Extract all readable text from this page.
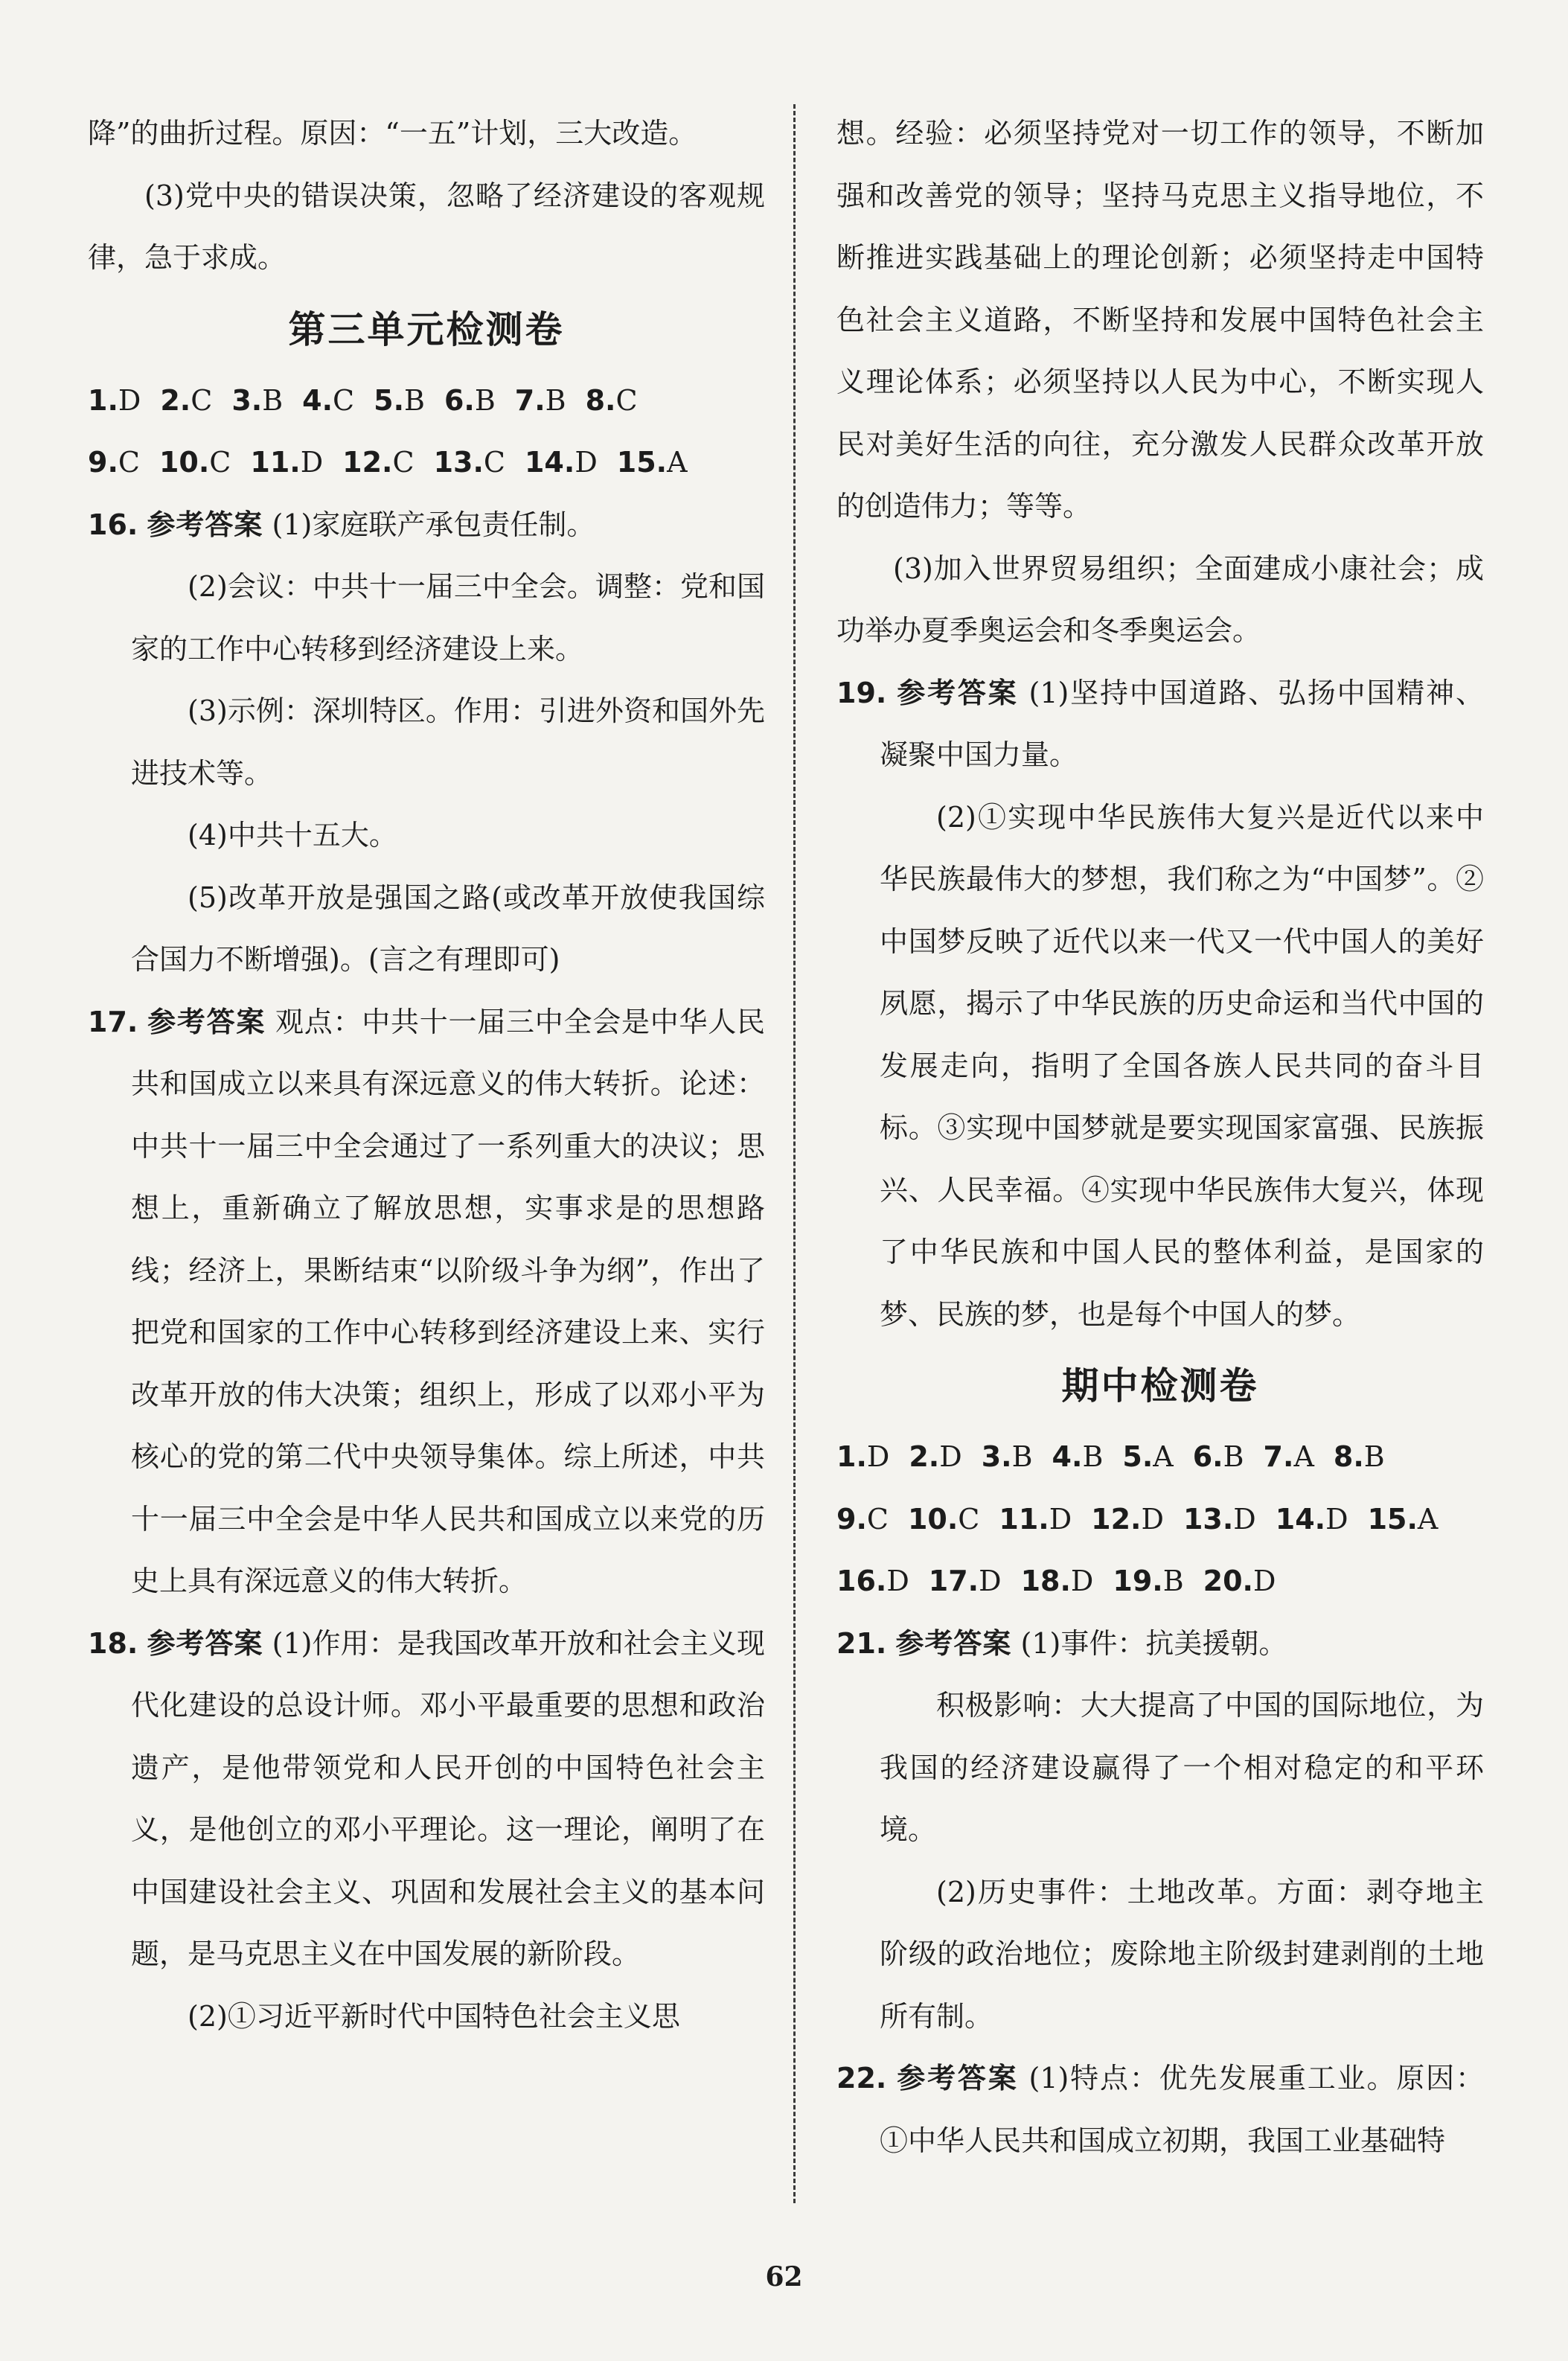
降”的曲折过程。原因：“一五”计划，三大改造。

(3)党中央的错误决策，忽略了经济建设的客观规律，急于求成。

第三单元检测卷
1.D 2.C 3.B 4.C 5.B 6.B 7.B 8.C
9.C 10.C 11.D 12.C 13.C 14.D 15.A

16. 参考答案 (1)家庭联产承包责任制。

(2)会议：中共十一届三中全会。调整：党和国家的工作中心转移到经济建设上来。

(3)示例：深圳特区。作用：引进外资和国外先进技术等。

(4)中共十五大。

(5)改革开放是强国之路(或改革开放使我国综合国力不断增强)。(言之有理即可)

17. 参考答案 观点：中共十一届三中全会是中华人民共和国成立以来具有深远意义的伟大转折。论述：中共十一届三中全会通过了一系列重大的决议；思想上，重新确立了解放思想，实事求是的思想路线；经济上，果断结束“以阶级斗争为纲”，作出了把党和国家的工作中心转移到经济建设上来、实行改革开放的伟大决策；组织上，形成了以邓小平为核心的党的第二代中央领导集体。综上所述，中共十一届三中全会是中华人民共和国成立以来党的历史上具有深远意义的伟大转折。

18. 参考答案 (1)作用：是我国改革开放和社会主义现代化建设的总设计师。邓小平最重要的思想和政治遗产，是他带领党和人民开创的中国特色社会主义，是他创立的邓小平理论。这一理论，阐明了在中国建设社会主义、巩固和发展社会主义的基本问题，是马克思主义在中国发展的新阶段。

(2)①习近平新时代中国特色社会主义思

想。经验：必须坚持党对一切工作的领导，不断加强和改善党的领导；坚持马克思主义指导地位，不断推进实践基础上的理论创新；必须坚持走中国特色社会主义道路，不断坚持和发展中国特色社会主义理论体系；必须坚持以人民为中心，不断实现人民对美好生活的向往，充分激发人民群众改革开放的创造伟力；等等。

(3)加入世界贸易组织；全面建成小康社会；成功举办夏季奥运会和冬季奥运会。

19. 参考答案 (1)坚持中国道路、弘扬中国精神、凝聚中国力量。

(2)①实现中华民族伟大复兴是近代以来中华民族最伟大的梦想，我们称之为“中国梦”。②中国梦反映了近代以来一代又一代中国人的美好夙愿，揭示了中华民族的历史命运和当代中国的发展走向，指明了全国各族人民共同的奋斗目标。③实现中国梦就是要实现国家富强、民族振兴、人民幸福。④实现中华民族伟大复兴，体现了中华民族和中国人民的整体利益，是国家的梦、民族的梦，也是每个中国人的梦。

期中检测卷
1.D 2.D 3.B 4.B 5.A 6.B 7.A 8.B
9.C 10.C 11.D 12.D 13.D 14.D 15.A
16.D 17.D 18.D 19.B 20.D

21. 参考答案 (1)事件：抗美援朝。

积极影响：大大提高了中国的国际地位，为我国的经济建设赢得了一个相对稳定的和平环境。

(2)历史事件：土地改革。方面：剥夺地主阶级的政治地位；废除地主阶级封建剥削的土地所有制。

22. 参考答案 (1)特点：优先发展重工业。原因：①中华人民共和国成立初期，我国工业基础特

62
